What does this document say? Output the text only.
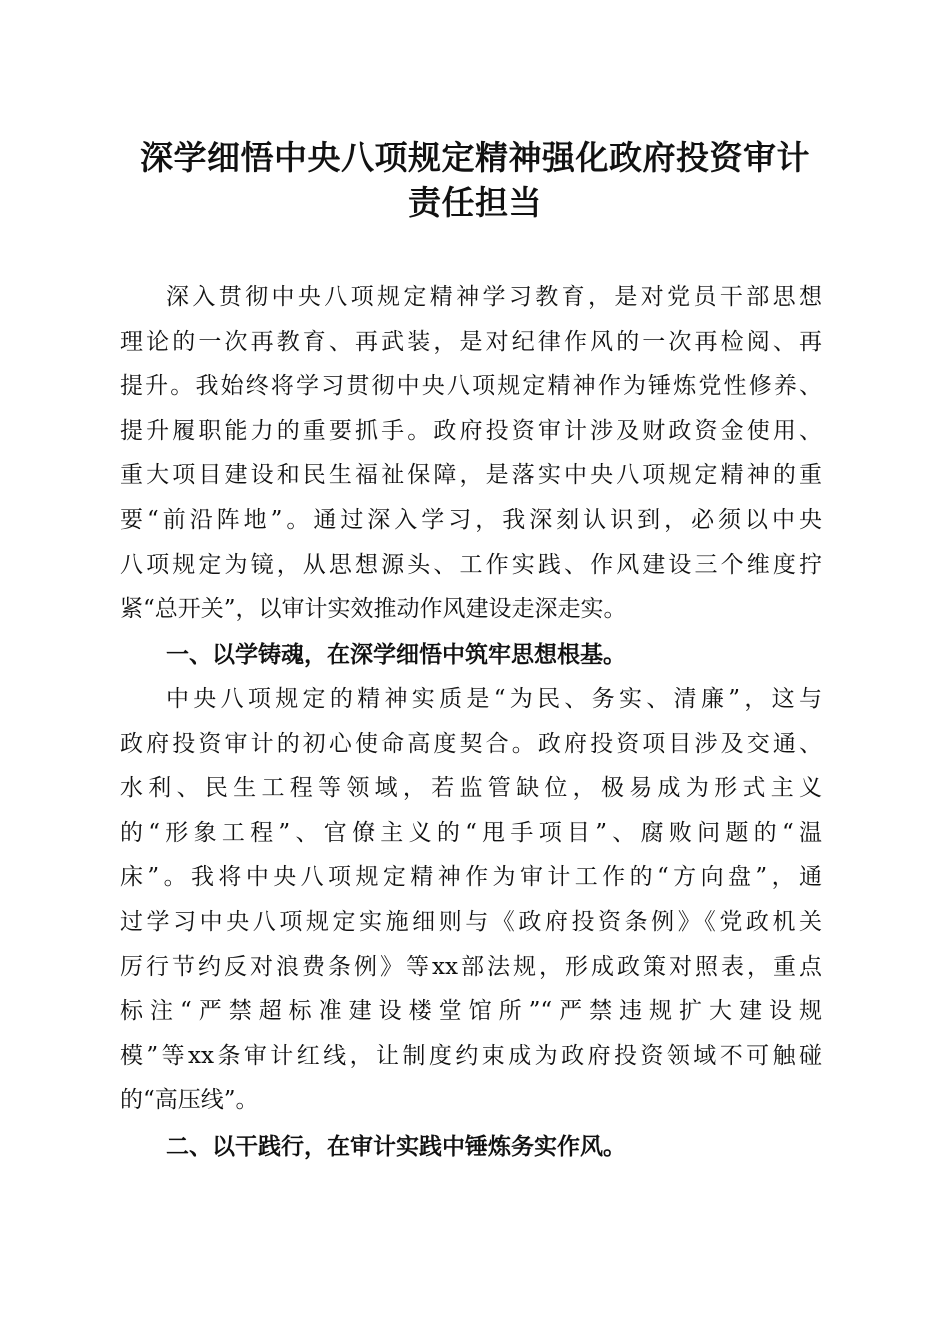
深学细悟中央八项规定精神强化政府投资审计
责任担当
深入贯彻中央八项规定精神学习教育，是对党员干部思想
理论的一次再教育、再武装，是对纪律作风的一次再检阅、再
提升。我始终将学习贯彻中央八项规定精神作为锤炼党性修养、
提升履职能力的重要抓手。政府投资审计涉及财政资金使用、
重大项目建设和民生福祉保障，是落实中央八项规定精神的重
要“前沿阵地”。通过深入学习，我深刻认识到，必须以中央
八项规定为镜，从思想源头、工作实践、作风建设三个维度拧
紧“总开关”，以审计实效推动作风建设走深走实。
一、以学铸魂，在深学细悟中筑牢思想根基。
中央八项规定的精神实质是“为民、务实、清廉”，这与
政府投资审计的初心使命高度契合。政府投资项目涉及交通、
水利、民生工程等领域，若监管缺位，极易成为形式主义
的“形象工程”、官僚主义的“甩手项目”、腐败问题的“温
床”。我将中央八项规定精神作为审计工作的“方向盘”，通
过学习中央八项规定实施细则与《政府投资条例》《党政机关
厉行节约反对浪费条例》等xx部法规，形成政策对照表，重点
标注“严禁超标准建设楼堂馆所”“严禁违规扩大建设规
模”等xx条审计红线，让制度约束成为政府投资领域不可触碰
的“高压线”。
二、以干践行，在审计实践中锤炼务实作风。
